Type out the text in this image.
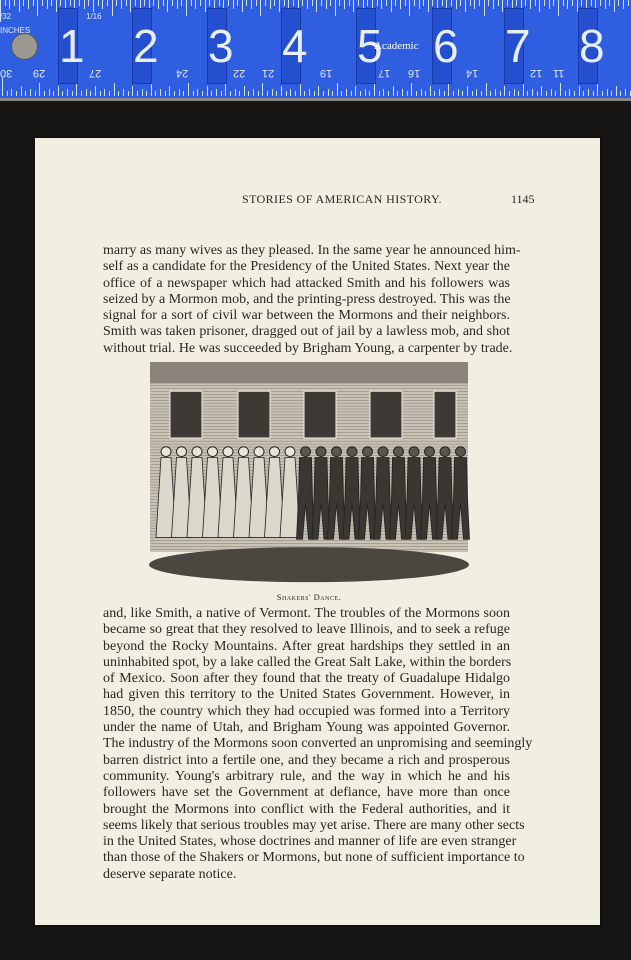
/32	1/16
INCHES 1 2 3 4 5 6 7 8
30 29	27	24	22 21	19	17 16	14	12 11
Academic
STORIES OF AMERICAN HISTORY.	1145
marry as many wives as they pleased. In the same year he announced him-
self as a candidate for the Presidency of the United States. Next year the
office of a newspaper which had attacked Smith and his followers was
seized by a Mormon mob, and the printing-press destroyed. This was the
signal for a sort of civil war between the Mormons and their neighbors.
Smith was taken prisoner, dragged out of jail by a lawless mob, and shot
without trial. He was succeeded by Brigham Young, a carpenter by trade.
Shakers' Dance.
and, like Smith, a native of Vermont. The troubles of the Mormons soon
became so great that they resolved to leave Illinois, and to seek a refuge
beyond the Rocky Mountains. After great hardships they settled in an
uninhabited spot, by a lake called the Great Salt Lake, within the borders
of Mexico. Soon after they found that the treaty of Guadalupe Hidalgo
had given this territory to the United States Government. However, in
1850, the country which they had occupied was formed into a Territory
under the name of Utah, and Brigham Young was appointed Governor.
The industry of the Mormons soon converted an unpromising and seemingly
barren district into a fertile one, and they became a rich and prosperous
community. Young's arbitrary rule, and the way in which he and his
followers have set the Government at defiance, have more than once
brought the Mormons into conflict with the Federal authorities, and it
seems likely that serious troubles may yet arise. There are many other sects
in the United States, whose doctrines and manner of life are even stranger
than those of the Shakers or Mormons, but none of sufficient importance to
deserve separate notice.
